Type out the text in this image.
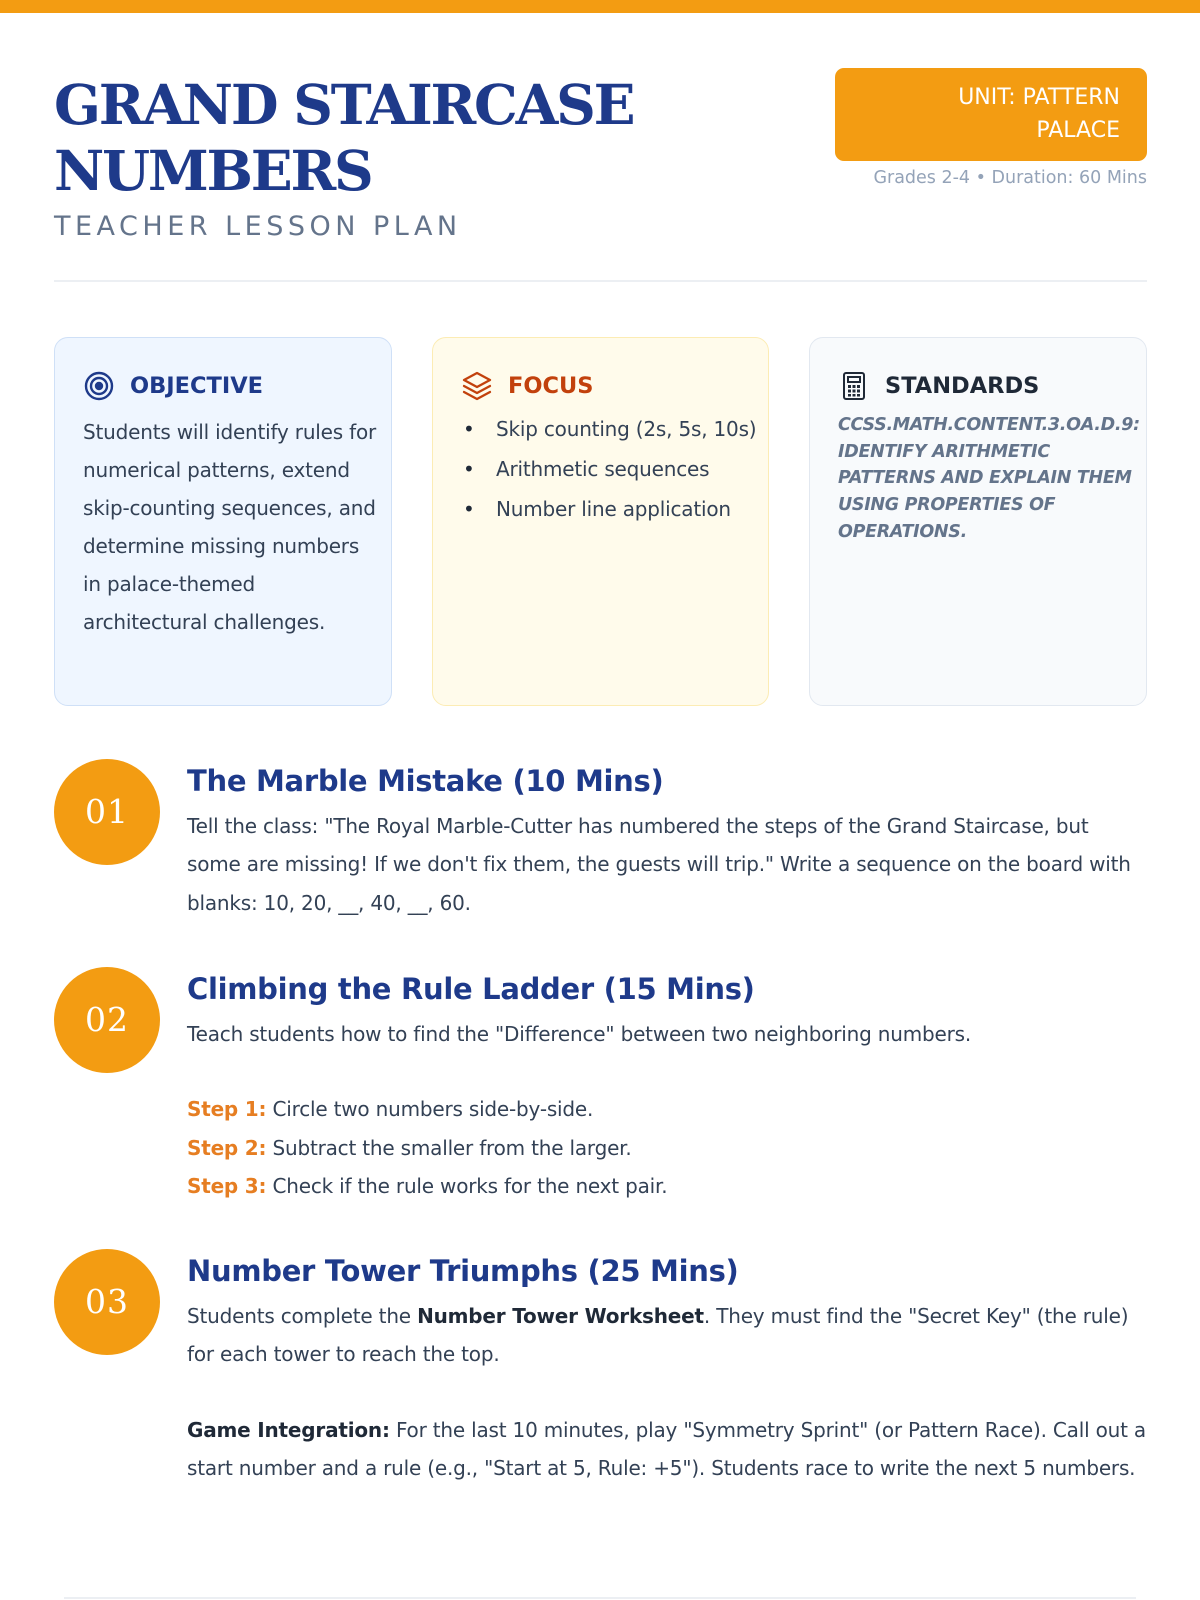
GRAND STAIRCASE NUMBERS
TEACHER LESSON PLAN
UNIT: PATTERN PALACE
Grades 2-4 • Duration: 60 Mins
OBJECTIVE

Students will identify rules for numerical patterns, extend skip-counting sequences, and determine missing numbers in palace-themed architectural challenges.

FOCUS
• Skip counting (2s, 5s, 10s)
• Arithmetic sequences
• Number line application
STANDARDS

CCSS.MATH.CONTENT.3.OA.D.9: IDENTIFY ARITHMETIC PATTERNS AND EXPLAIN THEM USING PROPERTIES OF OPERATIONS.

01
The Marble Mistake (10 Mins)

Tell the class: "The Royal Marble-Cutter has numbered the steps of the Grand Staircase, but some are missing! If we don't fix them, the guests will trip." Write a sequence on the board with blanks: 10, 20, __, 40, __, 60.

02
Climbing the Rule Ladder (15 Mins)

Teach students how to find the "Difference" between two neighboring numbers.

Step 1: Circle two numbers side-by-side.

Step 2: Subtract the smaller from the larger.

Step 3: Check if the rule works for the next pair.

03
Number Tower Triumphs (25 Mins)

Students complete the Number Tower Worksheet. They must find the "Secret Key" (the rule) for each tower to reach the top.

Game Integration: For the last 10 minutes, play "Symmetry Sprint" (or Pattern Race). Call out a start number and a rule (e.g., "Start at 5, Rule: +5"). Students race to write the next 5 numbers.
